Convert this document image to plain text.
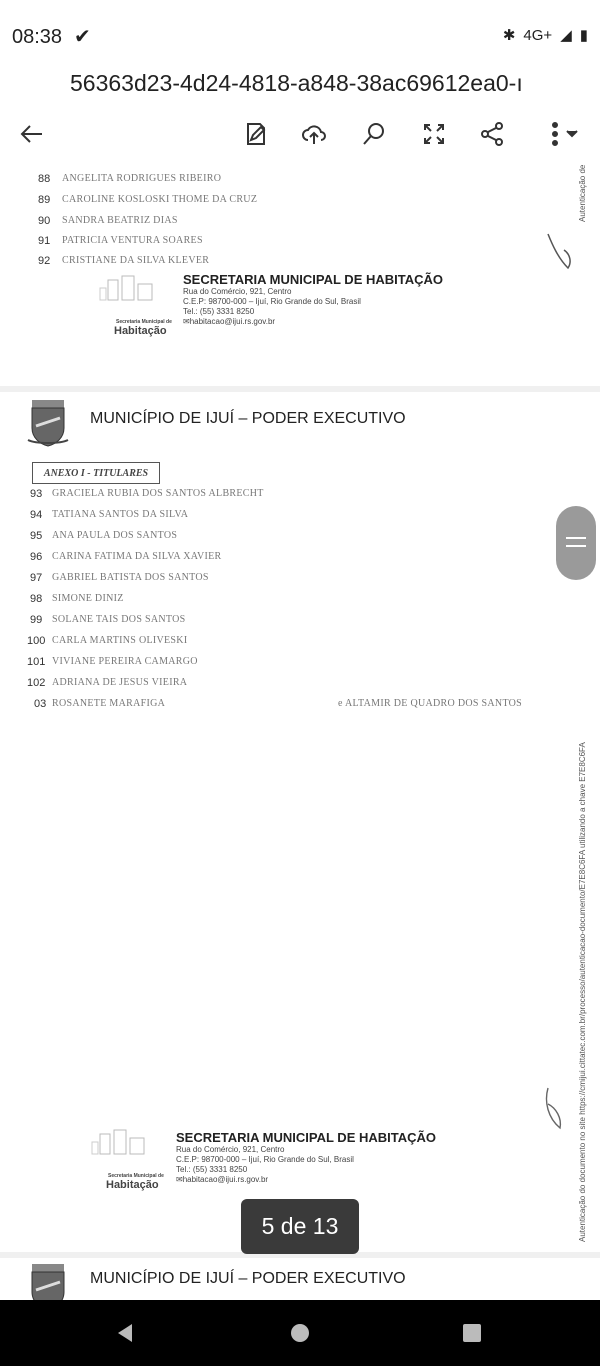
08:38 ✔	✱ 4G+ ◢ ▮
56363d23-4d24-4818-a848-38ac69612ea0-ı
88 ANGELITA RODRIGUES RIBEIRO
89 CAROLINE KOSLOSKI THOME DA CRUZ
90 SANDRA BEATRIZ DIAS
91 PATRICIA VENTURA SOARES
92 CRISTIANE DA SILVA KLEVER
Secretaria Municipal de
Habitação
SECRETARIA MUNICIPAL DE HABITAÇÃO
Rua do Comércio, 921, Centro
C.E.P: 98700-000 – Ijuí, Rio Grande do Sul, Brasil
Tel.: (55) 3331 8250
✉habitacao@ijui.rs.gov.br
Autenticação de
MUNICÍPIO DE IJUÍ – PODER EXECUTIVO
ANEXO I - TITULARES
93 GRACIELA RUBIA DOS SANTOS ALBRECHT
94 TATIANA SANTOS DA SILVA
95 ANA PAULA DOS SANTOS
96 CARINA FATIMA DA SILVA XAVIER
97 GABRIEL BATISTA DOS SANTOS
98 SIMONE DINIZ
99 SOLANE TAIS DOS SANTOS
100 CARLA MARTINS OLIVESKI
101 VIVIANE PEREIRA CAMARGO
102 ADRIANA DE JESUS VIEIRA
03 ROSANETE MARAFIGA	e ALTAMIR DE QUADRO DOS SANTOS
Autenticação do documento no site https://cmijui.cittatec.com.br/processo/autenticacao-documento/E7E8C6FA utilizando a chave E7E8C6FA
Secretaria Municipal de
Habitação
SECRETARIA MUNICIPAL DE HABITAÇÃO
Rua do Comércio, 921, Centro
C.E.P: 98700-000 – Ijuí, Rio Grande do Sul, Brasil
Tel.: (55) 3331 8250
✉habitacao@ijui.rs.gov.br
MUNICÍPIO DE IJUÍ – PODER EXECUTIVO
5 de 13
